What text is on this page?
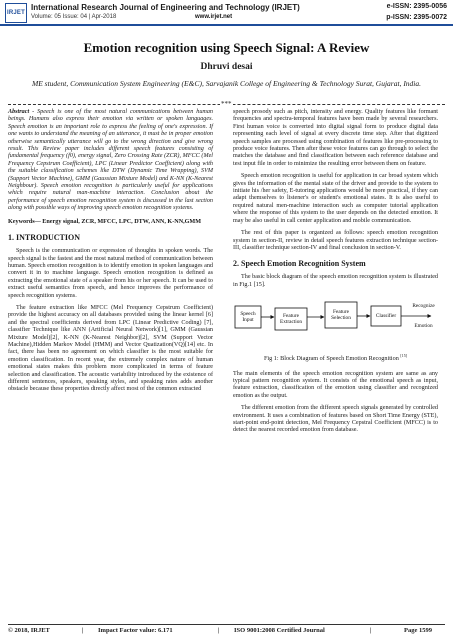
IRJET
International Research Journal of Engineering and Technology (IRJET)
Volume: 05 Issue: 04 | Apr-2018	www.irjet.net
e-ISSN: 2395-0056
p-ISSN: 2395-0072
Emotion recognition using Speech Signal: A Review
Dhruvi desai
ME student, Communication System Engineering (E&C), Sarvajanik College of Engineering & Technology Surat, Gujarat, India.
***

Abstract - Speech is one of the most natural communications between human beings. Humans also express their emotion via written or spoken languages. Speech emotion is an important role to express the feeling of one's expression. If one wants to understand the meaning of an utterance, it must be in proper emotion otherwise semantically utterance will go to the wrong direction and give wrong result. This Review paper includes different speech features consisting of fundamental frequency (f0), energy signal, Zero Crossing Rate (ZCR), MFCC (Mel Frequency Cepstrum Coefficient), LPC (Linear Predictor Coefficient) along with the suitable classification schemes like DTW (Dynamic Time Wrapping), SVM (Support Vector Machine), GMM (Gaussian Mixture Model) and K-NN (K-Nearest Neighbour). Speech emotion recognition is particularly useful for applications which require natural man-machine interaction. Conclusion about the performance of speech emotion recognition system is discussed in the last section along with possible ways of improving speech emotion recognition systems.

Keywords— Energy signal, ZCR, MFCC, LPC, DTW, ANN, K-NN,GMM

1. INTRODUCTION

Speech is the communication or expression of thoughts in spoken words. The speech signal is the fastest and the most natural method of communication between human. Speech emotion recognition is to identify emotion in spoken languages and convert it in to machine language. Speech emotion recognition is defined as extracting the emotional state of a speaker from his or her speech. It can be used to extract useful semantics from speech, and hence improves the performance of speech recognition systems.

The feature extraction like MFCC (Mel Frequency Cepstrum Coefficient) provide the highest accuracy on all databases provided using the linear kernel [6] and the spectral coefficients derived from LPC (Linear Predictive Coding) [7], classifier Technique like ANN (Artificial Neural Network)[1], GMM (Gaussian Mixture Model)[2], K-NN (K-Nearest Neighbor)[2], SVM (Support Vector Machine),Hidden Markov Model (HMM) and Vector Quatization(VQ)[14] etc. In fact, there has been no agreement on which classifier is the most suitable for emotion classification. In recent year, the extremely complex nature of human emotional states makes this problem more complicated in terms of feature selection and classification. The acoustic variability introduced by the existence of different sentences, speakers, speaking styles, and speaking rates adds another obstacle because these properties directly affect most of the common extracted

speech prosody such as pitch, intensity and energy. Quality features like formant frequencies and spectra-temporal features have been made by several researchers. First human voice is converted into digital signal form to produce digital data representing each level of signal at every discrete time step. After that digitized speech samples are processed using combination of features like pre-processing to produce voice features. Then after these voice features can go through to select the matches the database and find classification between each reference database and test input file in order to minimize the resulting error between them on feature.

Speech emotion recognition is useful for application in car broad system which gives the information of the mental state of the driver and provide to the system to initiate his /her safety, E-tutoring applications would be more practical, if they can adapt themselves to listener's or student's emotional states. It is also useful to required natural men-machine interaction such as computer tutorial application where the response of this system to the user depends on the detected emotion. It may be also useful in call center application and mobile communication.

The rest of this paper is organized as follows: speech emotion recognition system in section-II, review in detail speech features extraction technique section-III, classifier technique section-IV and final conclusion in section-V.

2. Speech Emotion Recognition System

The basic block diagram of the speech emotion recognition system is illustrated in Fig.1 [15].

Speech Input
Feature Extraction
Feature Selection	Classifier
Recognize
Emotion

Fig 1: Block Diagram of Speech Emotion Recognition [15]

The main elements of the speech emotion recognition system are same as any typical pattern recognition system. It consists of the emotional speech as input, feature extraction, classification of the emotion using classifier and recognized emotion as the output.

The different emotion from the different speech signals generated by controlled environment. It uses a combination of features based on Short Time Energy (STE), start-point end-point detection, Mel Frequency Cepstral Coefficient (MFCC) is to detect the nearest recorded emotion from database.

© 2018, IRJET	| Impact Factor value: 6.171	| ISO 9001:2008 Certified Journal	|	Page 1599
